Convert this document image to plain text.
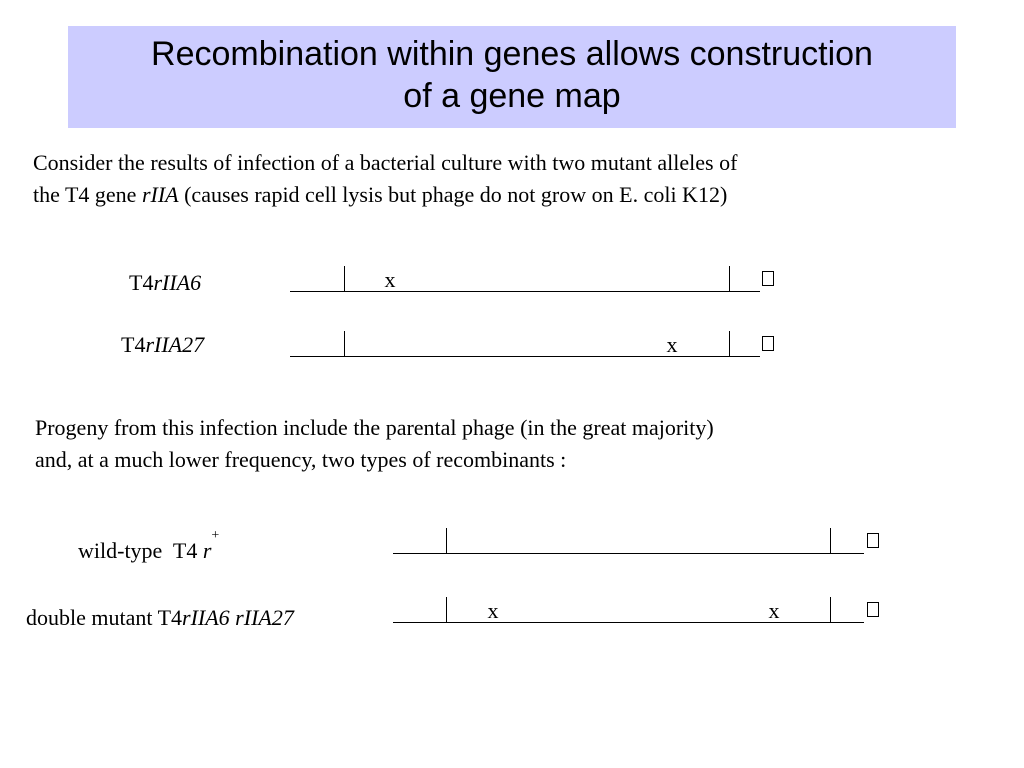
Recombination within genes allows construction
of a gene map
Consider the results of infection of a bacterial culture with two mutant alleles of
the T4 gene rIIA (causes rapid cell lysis but phage do not grow on E. coli K12)
T4rIIA6	x
T4rIIA27	x
Progeny from this infection include the parental phage (in the great majority)
and, at a much lower frequency, two types of recombinants :
wild-type  T4 r+
double mutant T4rIIA6 rIIA27	x	x
